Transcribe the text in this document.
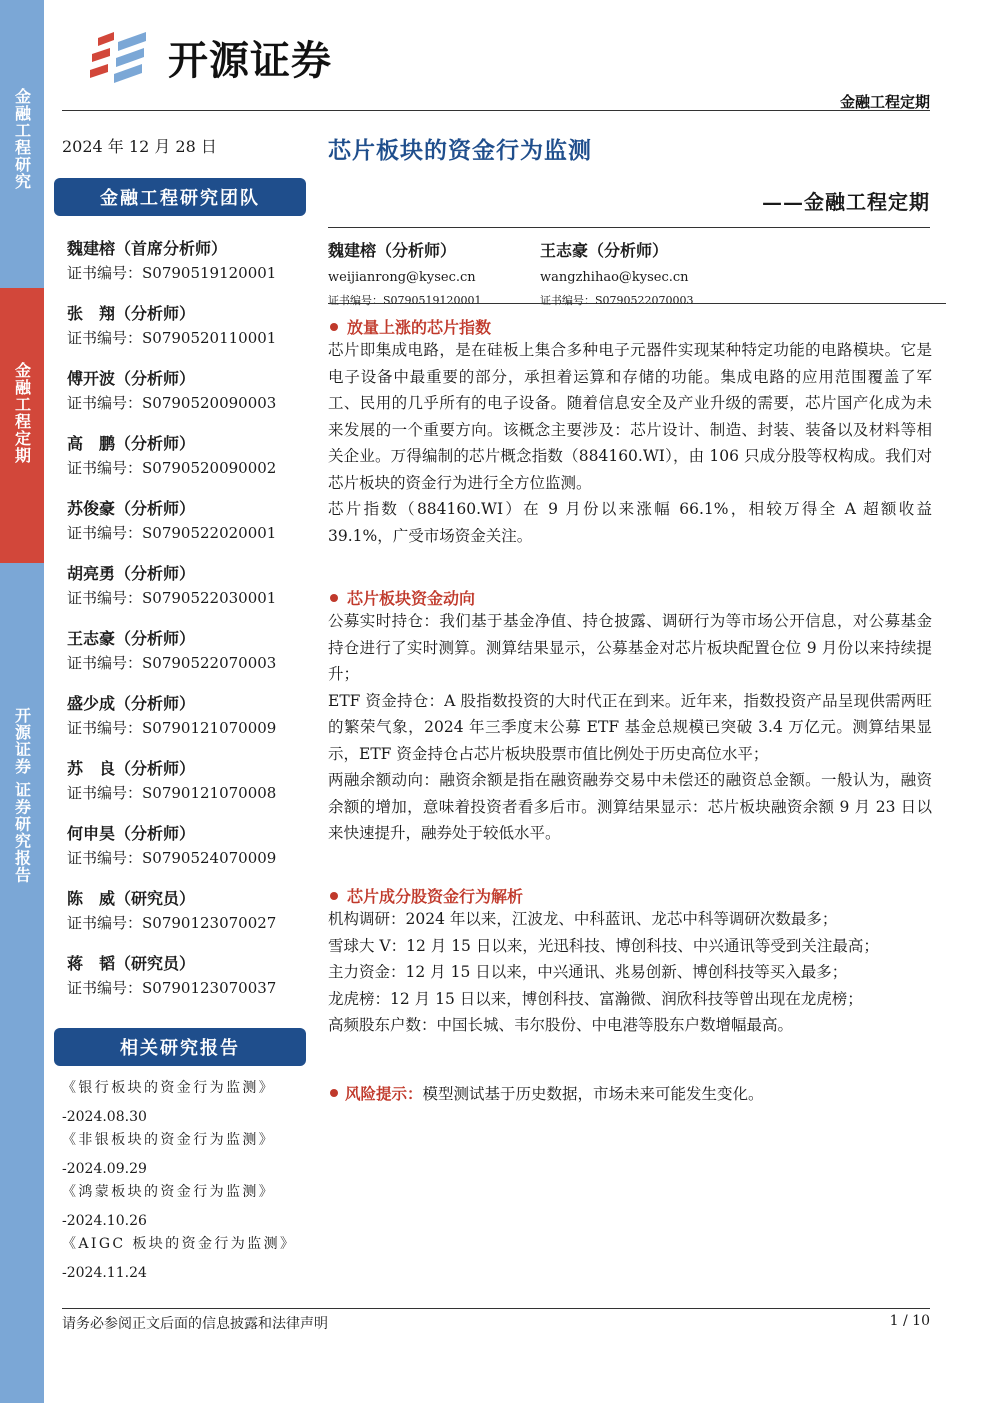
金融工程研究
金融工程定期
开源证券 证券研究报告
开源证券
金融工程定期
2024 年 12 月 28 日
金融工程研究团队
魏建榕（首席分析师）
证书编号：S0790519120001
张　翔（分析师）
证书编号：S0790520110001
傅开波（分析师）
证书编号：S0790520090003
高　鹏（分析师）
证书编号：S0790520090002
苏俊豪（分析师）
证书编号：S0790522020001
胡亮勇（分析师）
证书编号：S0790522030001
王志豪（分析师）
证书编号：S0790522070003
盛少成（分析师）
证书编号：S0790121070009
苏　良（分析师）
证书编号：S0790121070008
何申昊（分析师）
证书编号：S0790524070009
陈　威（研究员）
证书编号：S0790123070027
蒋　韬（研究员）
证书编号：S0790123070037
相关研究报告
《银行板块的资金行为监测》
-2024.08.30
《非银板块的资金行为监测》
-2024.09.29
《鸿蒙板块的资金行为监测》
-2024.10.26
《AIGC 板块的资金行为监测》
-2024.11.24
芯片板块的资金行为监测
——金融工程定期
魏建榕（分析师）
weijianrong@kysec.cn
证书编号：S0790519120001
王志豪（分析师）
wangzhihao@kysec.cn
证书编号：S0790522070003
放量上涨的芯片指数

芯片即集成电路，是在硅板上集合多种电子元器件实现某种特定功能的电路模块。它是电子设备中最重要的部分，承担着运算和存储的功能。集成电路的应用范围覆盖了军工、民用的几乎所有的电子设备。随着信息安全及产业升级的需要，芯片国产化成为未来发展的一个重要方向。该概念主要涉及：芯片设计、制造、封装、装备以及材料等相关企业。万得编制的芯片概念指数（884160.WI），由 106 只成分股等权构成。我们对芯片板块的资金行为进行全方位监测。

芯片指数（884160.WI）在 9 月份以来涨幅 66.1%，相较万得全 A 超额收益 39.1%，广受市场资金关注。

芯片板块资金动向

公募实时持仓：我们基于基金净值、持仓披露、调研行为等市场公开信息，对公募基金持仓进行了实时测算。测算结果显示，公募基金对芯片板块配置仓位 9 月份以来持续提升；

ETF 资金持仓：A 股指数投资的大时代正在到来。近年来，指数投资产品呈现供需两旺的繁荣气象，2024 年三季度末公募 ETF 基金总规模已突破 3.4 万亿元。测算结果显示，ETF 资金持仓占芯片板块股票市值比例处于历史高位水平；

两融余额动向：融资余额是指在融资融券交易中未偿还的融资总金额。一般认为，融资余额的增加，意味着投资者看多后市。测算结果显示：芯片板块融资余额 9 月 23 日以来快速提升，融券处于较低水平。

芯片成分股资金行为解析

机构调研：2024 年以来，江波龙、中科蓝讯、龙芯中科等调研次数最多；

雪球大 V：12 月 15 日以来，光迅科技、博创科技、中兴通讯等受到关注最高；

主力资金：12 月 15 日以来，中兴通讯、兆易创新、博创科技等买入最多；

龙虎榜：12 月 15 日以来，博创科技、富瀚微、润欣科技等曾出现在龙虎榜；

高频股东户数：中国长城、韦尔股份、中电港等股东户数增幅最高。

风险提示： 模型测试基于历史数据，市场未来可能发生变化。
请务必参阅正文后面的信息披露和法律声明	1 / 10
